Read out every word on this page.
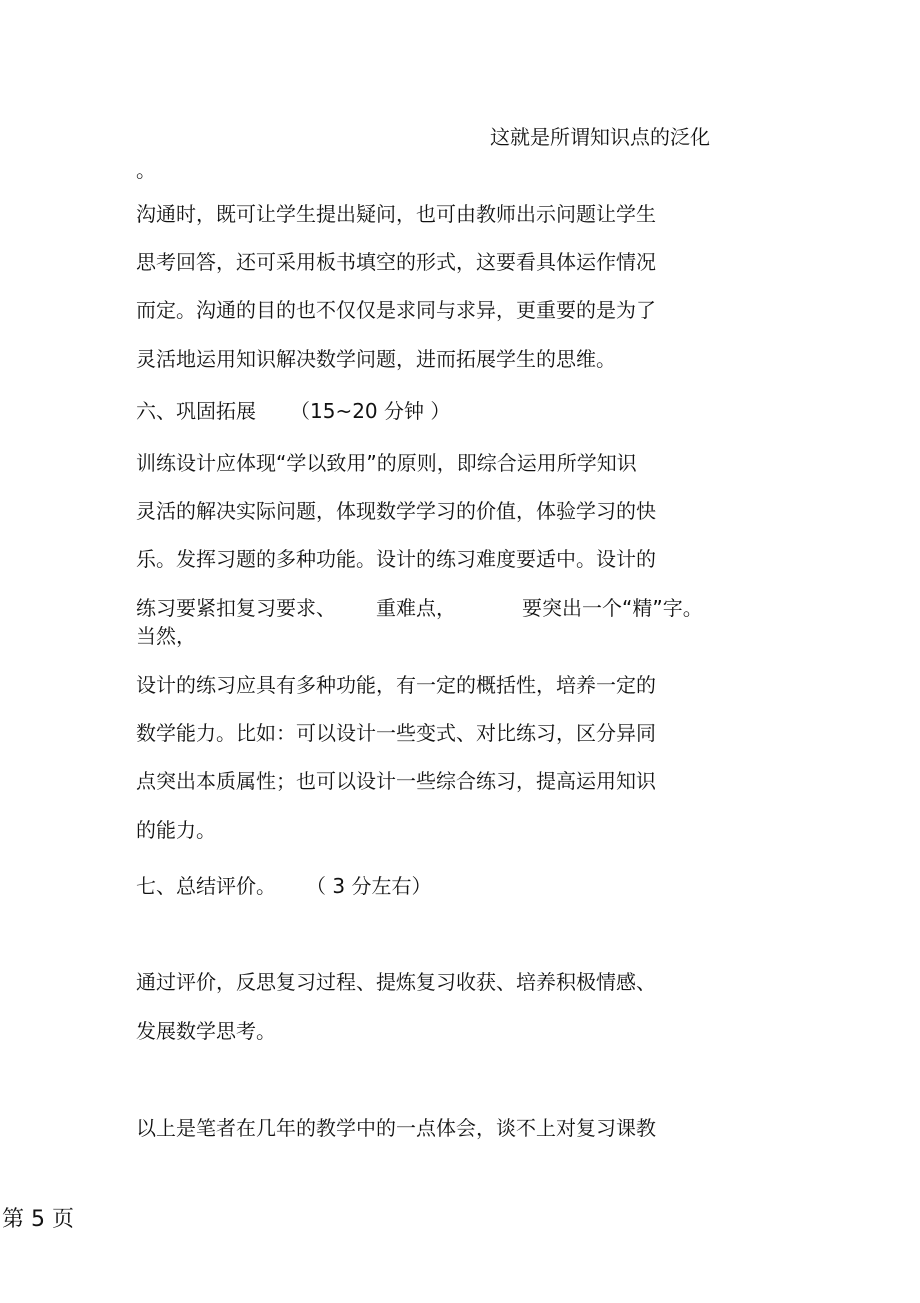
这就是所谓知识点的泛化

。

沟通时，既可让学生提出疑问，也可由教师出示问题让学生

思考回答，还可采用板书填空的形式，这要看具体运作情况

而定。沟通的目的也不仅仅是求同与求异，更重要的是为了

灵活地运用知识解决数学问题，进而拓展学生的思维。

六、巩固拓展 （15~20 分钟 ）

训练设计应体现“学以致用”的原则，即综合运用所学知识

灵活的解决实际问题，体现数学学习的价值，体验学习的快

乐。发挥习题的多种功能。设计的练习难度要适中。设计的

练习要紧扣复习要求、 重难点，	要突出一个“精”字。

当然，

设计的练习应具有多种功能，有一定的概括性，培养一定的

数学能力。比如：可以设计一些变式、对比练习，区分异同

点突出本质属性；也可以设计一些综合练习，提高运用知识

的能力。

七、总结评价。 （ 3 分左右）

通过评价，反思复习过程、提炼复习收获、培养积极情感、

发展数学思考。

以上是笔者在几年的教学中的一点体会，谈不上对复习课教

第 5 页
